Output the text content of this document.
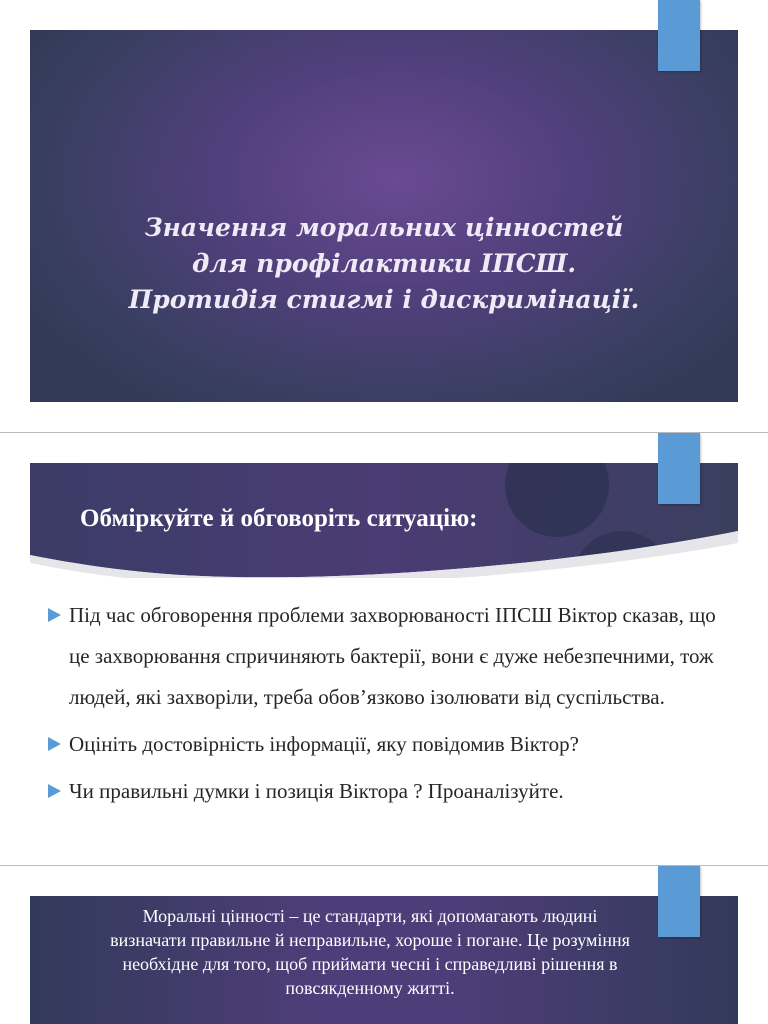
Значення моральних цінностей
для профілактики ІПСШ.
Протидія стигмі і дискримінації.
Обміркуйте й обговоріть ситуацію:
Під час обговорення проблеми захворюваності ІПСШ Віктор сказав, що це захворювання спричиняють бактерії, вони є дуже небезпечними, тож людей, які захворіли, треба обов’язково ізолювати від суспільства.
Оцініть достовірність інформації, яку повідомив Віктор?
Чи правильні думки і позиція Віктора ? Проаналізуйте.

Моральні цінності – це стандарти, які допомагають людині
визначати правильне й неправильне, хороше і погане. Це розуміння
необхідне для того, щоб приймати чесні і справедливі рішення в
повсякденному житті.
